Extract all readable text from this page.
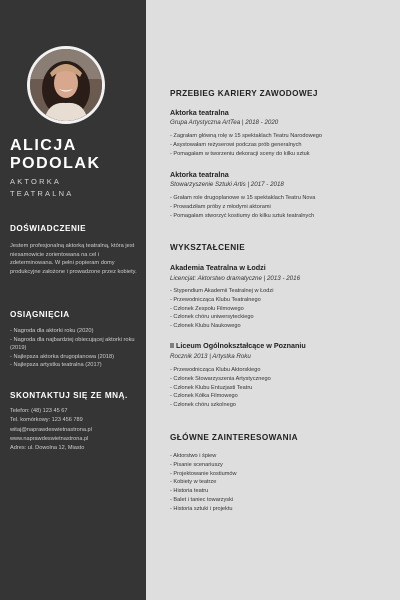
ALICJA
PODOLAK
AKTORKA
TEATRALNA
DOŚWIADCZENIE

Jestem profesjonalną aktorką teatralną, która jest niesamowicie zorientowana na cel i zdeterminowana. W pełni popieram domy produkcyjne założone i prowadzone przez kobiety.

OSIĄGNIĘCIA
- Nagroda dla aktorki roku (2020)
- Nagroda dla najbardziej obiecującej aktorki roku (2019)
- Najlepsza aktorka drugoplanowa (2018)
- Najlepsza artystka teatralna (2017)
SKONTAKTUJ SIĘ ZE MNĄ.
Telefon: (48) 123 45 67
Tel. komórkowy: 123 456 789
witaj@naprawdeswietnastrona.pl
www.naprawdeswietnastrona.pl
Adres: ul. Dowolna 12, Miasto
PRZEBIEG KARIERY ZAWODOWEJ
Aktorka teatralna
Grupa Artystyczna ArtTea | 2018 - 2020
- Zagrałam główną rolę w 15 spektaklach Teatru Narodowego
- Asystowałam reżyserowi podczas prób generalnych
- Pomagałam w tworzeniu dekoracji sceny do kilku sztuk
Aktorka teatralna
Stowarzyszenie Sztuki Artis | 2017 - 2018
- Grałam role drugoplanowe w 15 spektaklach Teatru Nova
- Prowadziłam próby z młodymi aktorami
- Pomagałam stworzyć kostiumy do kilku sztuk teatralnych
WYKSZTAŁCENIE
Akademia Teatralna w Łodzi
Licencjat: Aktorstwo dramatyczne | 2013 - 2016
- Stypendium Akademii Teatralnej w Łodzi
- Przewodnicząca Klubu Teatralnego
- Członek Zespołu Filmowego
- Członek chóru uniwersyteckiego
- Członek Klubu Naukowego
II Liceum Ogólnokształcące w Poznaniu
Rocznik 2013 | Artystka Roku
- Przewodnicząca Klubu Aktorskiego
- Członek Stowarzyszenia Artystycznego
- Członek Klubu Entuzjasti Teatru
- Członek Kółka Filmowego
- Członek chóru szkolnego
GŁÓWNE ZAINTERESOWANIA
- Aktorstwo i śpiew
- Pisanie scenariuszy
- Projektowanie kostiumów
- Kobiety w teatrze
- Historia teatru
- Balet i taniec towarzyski
- Historia sztuki i projektu
